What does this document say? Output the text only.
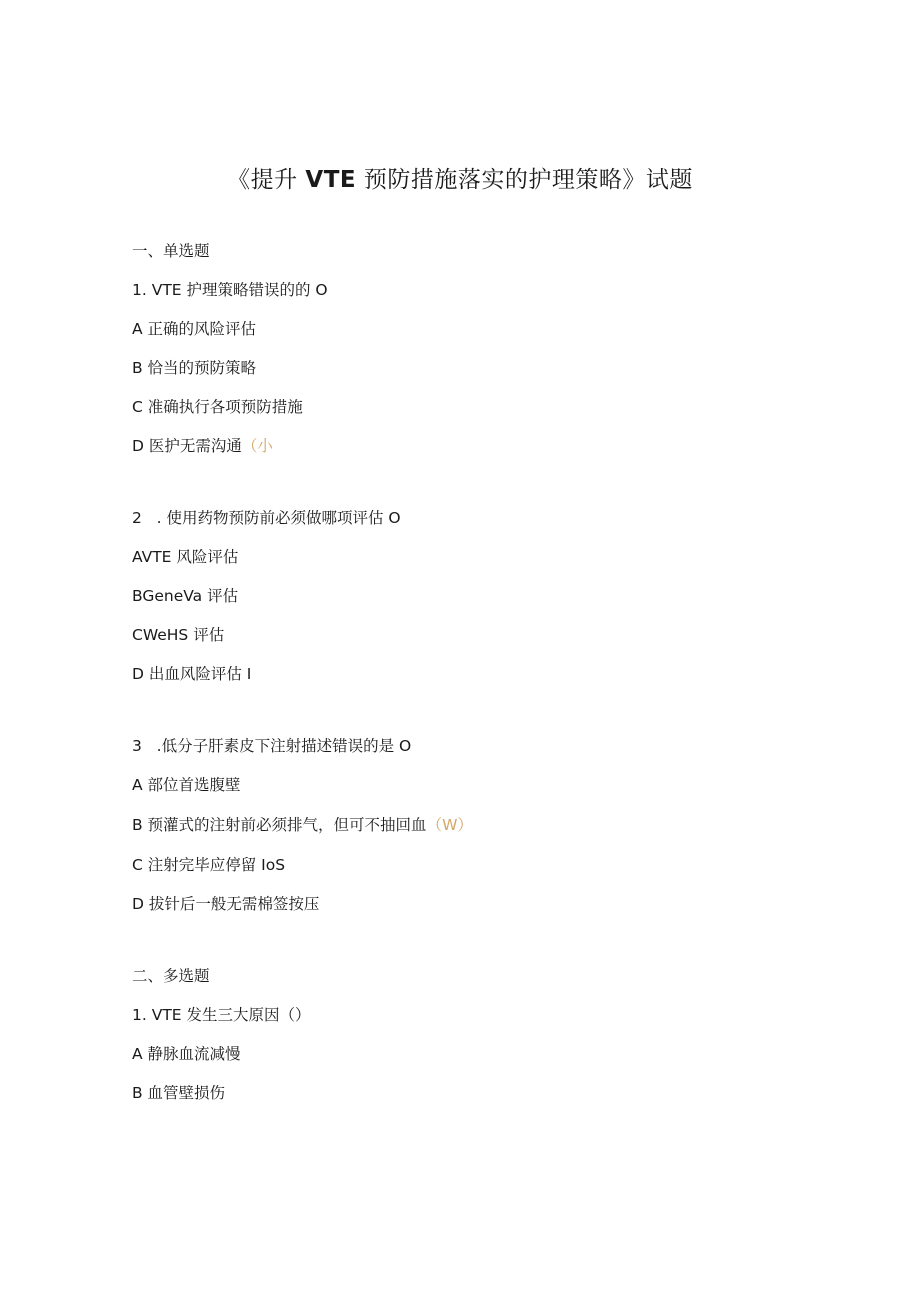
《提升 VTE 预防措施落实的护理策略》试题
一、单选题
1. VTE 护理策略错误的的 O
A 正确的风险评估
B 恰当的预防策略
C 准确执行各项预防措施
D 医护无需沟通（小
2   . 使用药物预防前必须做哪项评估 O
AVTE 风险评估
BGeneVa 评估
CWeHS 评估
D 出血风险评估 I
3   .低分子肝素皮下注射描述错误的是 O
A 部位首选腹壁
B 预灌式的注射前必须排气，但可不抽回血（W）
C 注射完毕应停留 IoS
D 拔针后一般无需棉签按压
二、多选题
1. VTE 发生三大原因（）
A 静脉血流减慢
B 血管壁损伤
